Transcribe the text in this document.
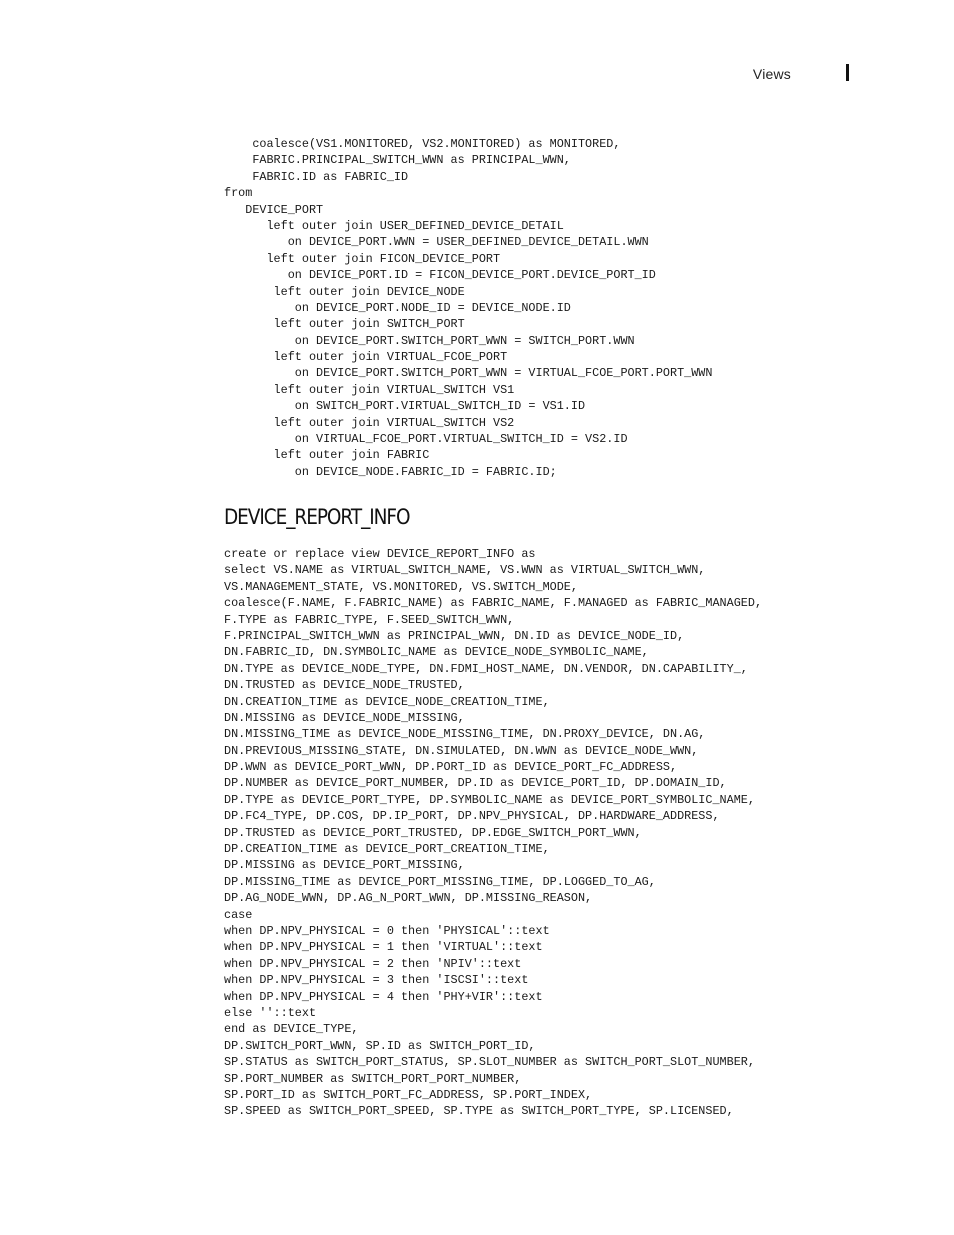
Views
coalesce(VS1.MONITORED, VS2.MONITORED) as MONITORED,
FABRIC.PRINCIPAL_SWITCH_WWN as PRINCIPAL_WWN,
FABRIC.ID as FABRIC_ID
from
DEVICE_PORT
left outer join USER_DEFINED_DEVICE_DETAIL
on DEVICE_PORT.WWN = USER_DEFINED_DEVICE_DETAIL.WWN
left outer join FICON_DEVICE_PORT
on DEVICE_PORT.ID = FICON_DEVICE_PORT.DEVICE_PORT_ID
left outer join DEVICE_NODE
on DEVICE_PORT.NODE_ID = DEVICE_NODE.ID
left outer join SWITCH_PORT
on DEVICE_PORT.SWITCH_PORT_WWN = SWITCH_PORT.WWN
left outer join VIRTUAL_FCOE_PORT
on DEVICE_PORT.SWITCH_PORT_WWN = VIRTUAL_FCOE_PORT.PORT_WWN
left outer join VIRTUAL_SWITCH VS1
on SWITCH_PORT.VIRTUAL_SWITCH_ID = VS1.ID
left outer join VIRTUAL_SWITCH VS2
on VIRTUAL_FCOE_PORT.VIRTUAL_SWITCH_ID = VS2.ID
left outer join FABRIC
on DEVICE_NODE.FABRIC_ID = FABRIC.ID;
DEVICE_REPORT_INFO
create or replace view DEVICE_REPORT_INFO as
select VS.NAME as VIRTUAL_SWITCH_NAME, VS.WWN as VIRTUAL_SWITCH_WWN,
VS.MANAGEMENT_STATE, VS.MONITORED, VS.SWITCH_MODE,
coalesce(F.NAME, F.FABRIC_NAME) as FABRIC_NAME, F.MANAGED as FABRIC_MANAGED,
F.TYPE as FABRIC_TYPE, F.SEED_SWITCH_WWN,
F.PRINCIPAL_SWITCH_WWN as PRINCIPAL_WWN, DN.ID as DEVICE_NODE_ID,
DN.FABRIC_ID, DN.SYMBOLIC_NAME as DEVICE_NODE_SYMBOLIC_NAME,
DN.TYPE as DEVICE_NODE_TYPE, DN.FDMI_HOST_NAME, DN.VENDOR, DN.CAPABILITY_,
DN.TRUSTED as DEVICE_NODE_TRUSTED,
DN.CREATION_TIME as DEVICE_NODE_CREATION_TIME,
DN.MISSING as DEVICE_NODE_MISSING,
DN.MISSING_TIME as DEVICE_NODE_MISSING_TIME, DN.PROXY_DEVICE, DN.AG,
DN.PREVIOUS_MISSING_STATE, DN.SIMULATED, DN.WWN as DEVICE_NODE_WWN,
DP.WWN as DEVICE_PORT_WWN, DP.PORT_ID as DEVICE_PORT_FC_ADDRESS,
DP.NUMBER as DEVICE_PORT_NUMBER, DP.ID as DEVICE_PORT_ID, DP.DOMAIN_ID,
DP.TYPE as DEVICE_PORT_TYPE, DP.SYMBOLIC_NAME as DEVICE_PORT_SYMBOLIC_NAME,
DP.FC4_TYPE, DP.COS, DP.IP_PORT, DP.NPV_PHYSICAL, DP.HARDWARE_ADDRESS,
DP.TRUSTED as DEVICE_PORT_TRUSTED, DP.EDGE_SWITCH_PORT_WWN,
DP.CREATION_TIME as DEVICE_PORT_CREATION_TIME,
DP.MISSING as DEVICE_PORT_MISSING,
DP.MISSING_TIME as DEVICE_PORT_MISSING_TIME, DP.LOGGED_TO_AG,
DP.AG_NODE_WWN, DP.AG_N_PORT_WWN, DP.MISSING_REASON,
case
when DP.NPV_PHYSICAL = 0 then 'PHYSICAL'::text
when DP.NPV_PHYSICAL = 1 then 'VIRTUAL'::text
when DP.NPV_PHYSICAL = 2 then 'NPIV'::text
when DP.NPV_PHYSICAL = 3 then 'ISCSI'::text
when DP.NPV_PHYSICAL = 4 then 'PHY+VIR'::text
else ''::text
end as DEVICE_TYPE,
DP.SWITCH_PORT_WWN, SP.ID as SWITCH_PORT_ID,
SP.STATUS as SWITCH_PORT_STATUS, SP.SLOT_NUMBER as SWITCH_PORT_SLOT_NUMBER,
SP.PORT_NUMBER as SWITCH_PORT_PORT_NUMBER,
SP.PORT_ID as SWITCH_PORT_FC_ADDRESS, SP.PORT_INDEX,
SP.SPEED as SWITCH_PORT_SPEED, SP.TYPE as SWITCH_PORT_TYPE, SP.LICENSED,
